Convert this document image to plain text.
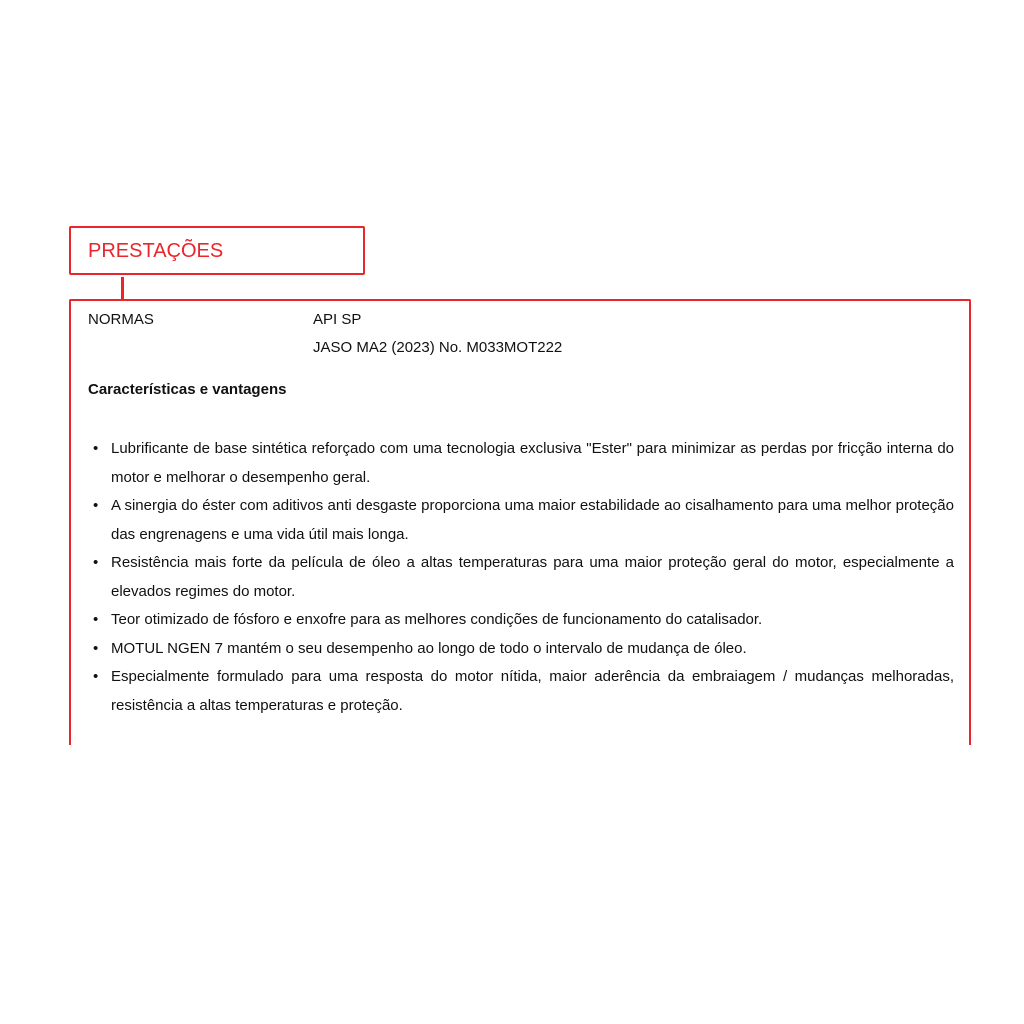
PRESTAÇÕES
NORMAS	API SP
JASO MA2 (2023) No. M033MOT222
Características e vantagens
• Lubrificante de base sintética reforçado com uma tecnologia exclusiva "Ester" para minimizar as perdas por fricção interna do motor e melhorar o desempenho geral.
• A sinergia do éster com aditivos anti desgaste proporciona uma maior estabilidade ao cisalhamento para uma melhor proteção das engrenagens e uma vida útil mais longa.
• Resistência mais forte da película de óleo a altas temperaturas para uma maior proteção geral do motor, especialmente a elevados regimes do motor.
• Teor otimizado de fósforo e enxofre para as melhores condições de funcionamento do catalisador.
• MOTUL NGEN 7 mantém o seu desempenho ao longo de todo o intervalo de mudança de óleo.
• Especialmente formulado para uma resposta do motor nítida, maior aderência da embraiagem / mudanças melhoradas, resistência a altas temperaturas e proteção.
